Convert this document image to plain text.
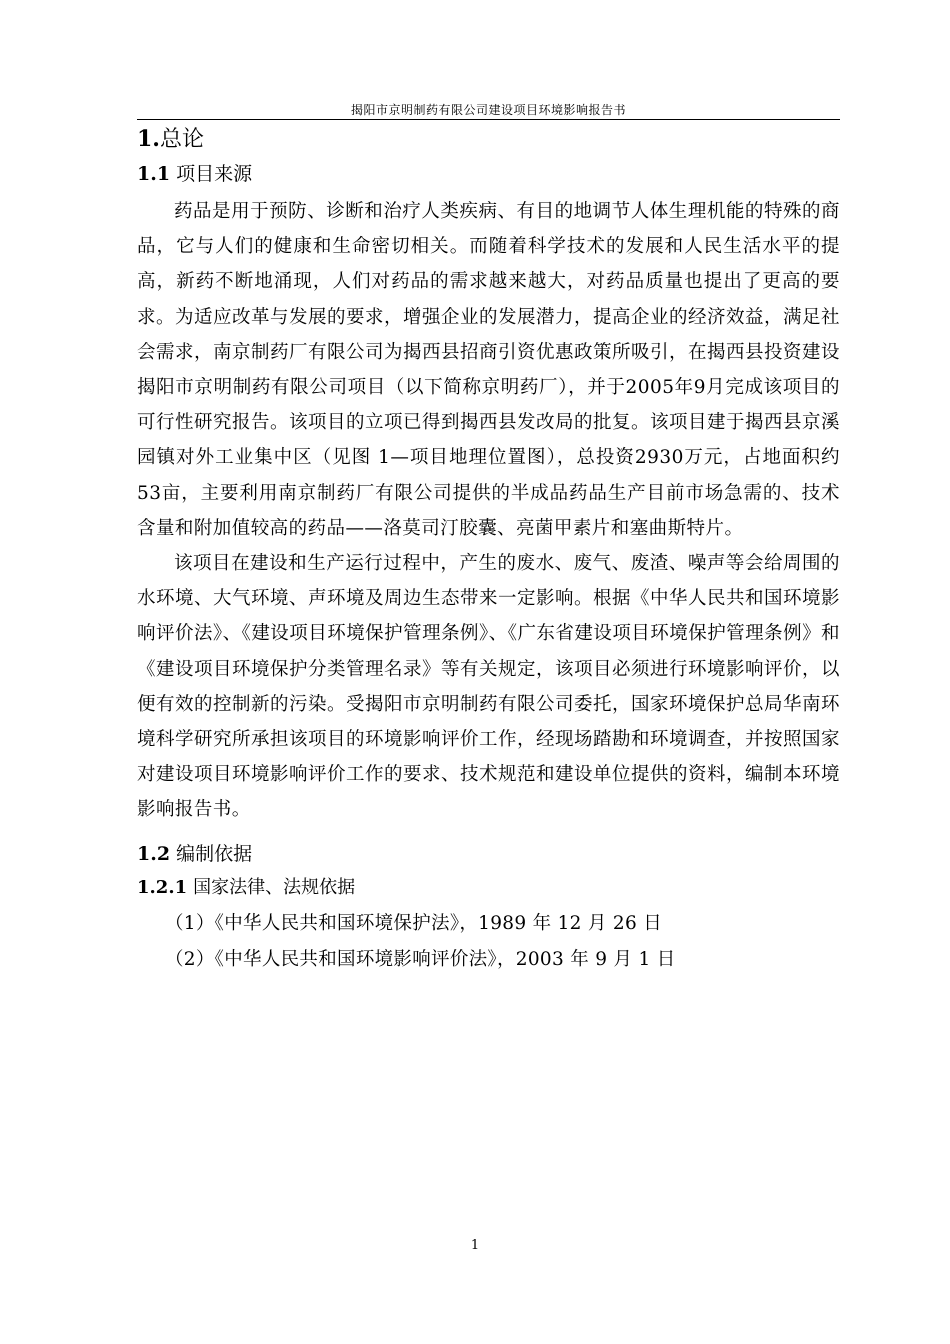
揭阳市京明制药有限公司建设项目环境影响报告书
1.总论
1.1 项目来源

药品是用于预防、诊断和治疗人类疾病、有目的地调节人体生理机能的特殊的商品，它与人们的健康和生命密切相关。而随着科学技术的发展和人民生活水平的提高，新药不断地涌现，人们对药品的需求越来越大，对药品质量也提出了更高的要求。为适应改革与发展的要求，增强企业的发展潜力，提高企业的经济效益，满足社会需求，南京制药厂有限公司为揭西县招商引资优惠政策所吸引，在揭西县投资建设揭阳市京明制药有限公司项目（以下简称京明药厂），并于2005年9月完成该项目的可行性研究报告。该项目的立项已得到揭西县发改局的批复。该项目建于揭西县京溪园镇对外工业集中区（见图 1—项目地理位置图），总投资2930万元，占地面积约53亩，主要利用南京制药厂有限公司提供的半成品药品生产目前市场急需的、技术含量和附加值较高的药品——洛莫司汀胶囊、亮菌甲素片和塞曲斯特片。

该项目在建设和生产运行过程中，产生的废水、废气、废渣、噪声等会给周围的水环境、大气环境、声环境及周边生态带来一定影响。根据《中华人民共和国环境影响评价法》、《建设项目环境保护管理条例》、《广东省建设项目环境保护管理条例》和《建设项目环境保护分类管理名录》等有关规定，该项目必须进行环境影响评价，以便有效的控制新的污染。受揭阳市京明制药有限公司委托，国家环境保护总局华南环境科学研究所承担该项目的环境影响评价工作，经现场踏勘和环境调查，并按照国家对建设项目环境影响评价工作的要求、技术规范和建设单位提供的资料，编制本环境影响报告书。

1.2 编制依据
1.2.1 国家法律、法规依据

（1）《中华人民共和国环境保护法》，1989 年 12 月 26 日

（2）《中华人民共和国环境影响评价法》，2003 年 9 月 1 日

1
